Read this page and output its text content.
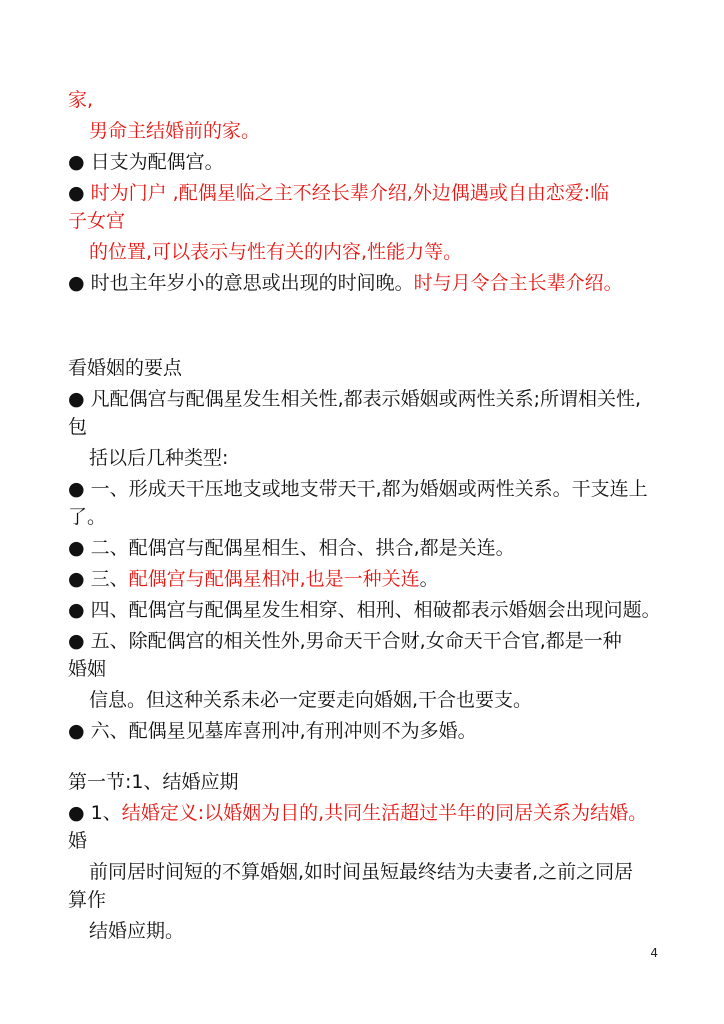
家,
男命主结婚前的家。
● 日支为配偶宫。
● 时为门户 ,配偶星临之主不经长辈介绍,外边偶遇或自由恋爱:临
子女宫
的位置,可以表示与性有关的内容,性能力等。
● 时也主年岁小的意思或出现的时间晚。时与月令合主长辈介绍。
看婚姻的要点
● 凡配偶宫与配偶星发生相关性,都表示婚姻或两性关系;所谓相关性,
包
括以后几种类型:
● 一、形成天干压地支或地支带天干,都为婚姻或两性关系。干支连上
了。
● 二、配偶宫与配偶星相生、相合、拱合,都是关连。
● 三、配偶宫与配偶星相冲,也是一种关连。
● 四、配偶宫与配偶星发生相穿、相刑、相破都表示婚姻会出现问题。
● 五、除配偶宫的相关性外,男命天干合财,女命天干合官,都是一种
婚姻
信息。但这种关系未必一定要走向婚姻,干合也要支。
● 六、配偶星见墓库喜刑冲,有刑冲则不为多婚。
第一节:1、结婚应期
● 1、结婚定义:以婚姻为目的,共同生活超过半年的同居关系为结婚。
婚
前同居时间短的不算婚姻,如时间虽短最终结为夫妻者,之前之同居
算作
结婚应期。
4
